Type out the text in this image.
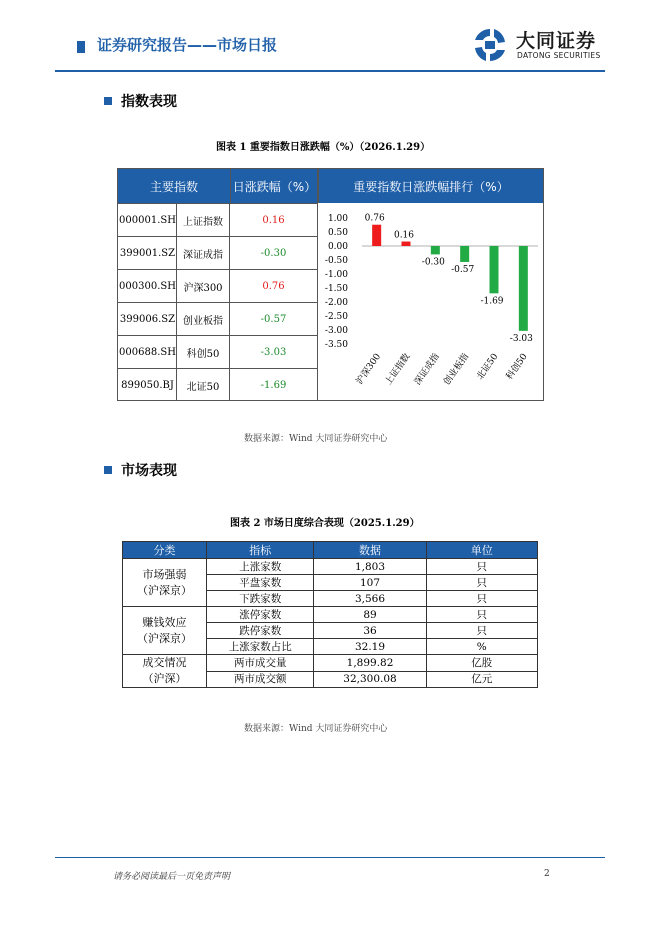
证券研究报告——市场日报	大同证券
DATONG SECURITIES
指数表现
图表 1 重要指数日涨跌幅（%）（2026.1.29）
主要指数	日涨跌幅（%）	重要指数日涨跌幅排行（%）
000001.SH 上证指数	0.16
399001.SZ 深证成指	-0.30
000300.SH 沪深300	0.76
399006.SZ 创业板指	-0.57
000688.SH	科创50	-3.03
899050.BJ	北证50	-1.69
1.00
0.50
0.00
-0.50
-1.00
-1.50
-2.00
-2.50
-3.00
-3.50
0.76
沪深300
0.16
上证指数
-0.30
深证成指
-0.57
创业板指
-1.69
北证50
-3.03
科创50
数据来源：Wind 大同证券研究中心
市场表现
图表 2 市场日度综合表现（2025.1.29）
分类	指标	数据	单位
市场强弱
（沪深京）	上涨家数	1,803	只
	平盘家数	107	只
	下跌家数	3,566	只
赚钱效应
（沪深京）	涨停家数	89	只
	跌停家数	36	只
	上涨家数占比	32.19	%
成交情况
（沪深）	两市成交量	1,899.82	亿股
	两市成交额	32,300.08	亿元
数据来源：Wind 大同证券研究中心
请务必阅读最后一页免责声明	2
